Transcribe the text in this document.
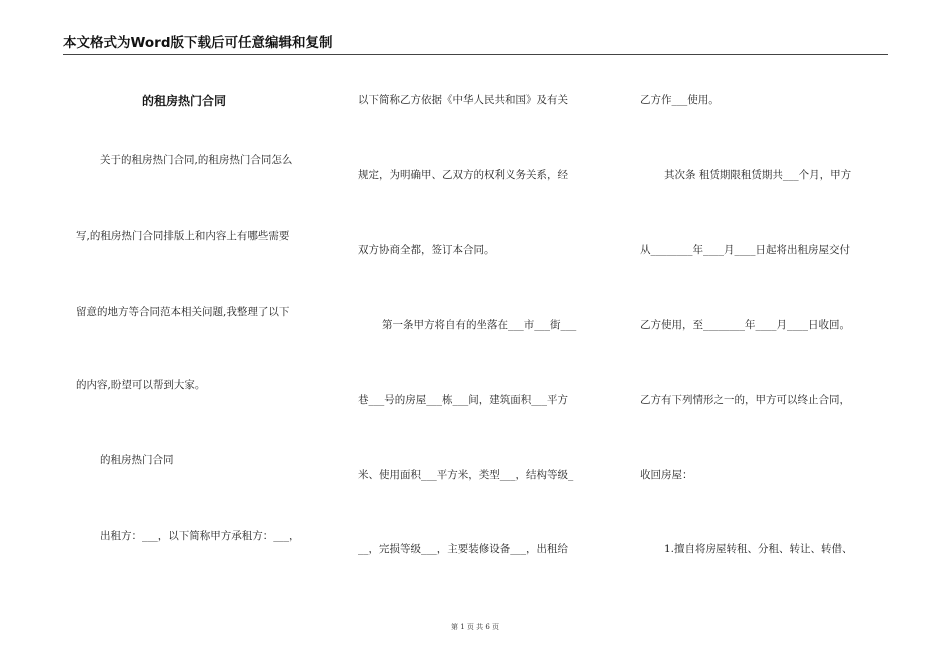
本文格式为Word版下载后可任意编辑和复制
的租房热门合同
关于的租房热门合同,的租房热门合同怎么
写,的租房热门合同排版上和内容上有哪些需要
留意的地方等合同范本相关问题,我整理了以下
的内容,盼望可以帮到大家。
的租房热门合同
出租方：___，以下简称甲方承租方：___，
以下简称乙方依据《中华人民共和国》及有关
规定，为明确甲、乙双方的权利义务关系，经
双方协商全都，签订本合同。
第一条甲方将自有的坐落在___市___街___
巷___号的房屋___栋___间，建筑面积___平方
米、使用面积___平方米，类型___，结构等级_
__，完损等级___，主要装修设备___，出租给
乙方作___使用。
其次条 租赁期限租赁期共___个月，甲方
从________年____月____日起将出租房屋交付
乙方使用，至________年____月____日收回。
乙方有下列情形之一的，甲方可以终止合同，
收回房屋：
1.擅自将房屋转租、分租、转让、转借、
第 1 页 共 6 页
